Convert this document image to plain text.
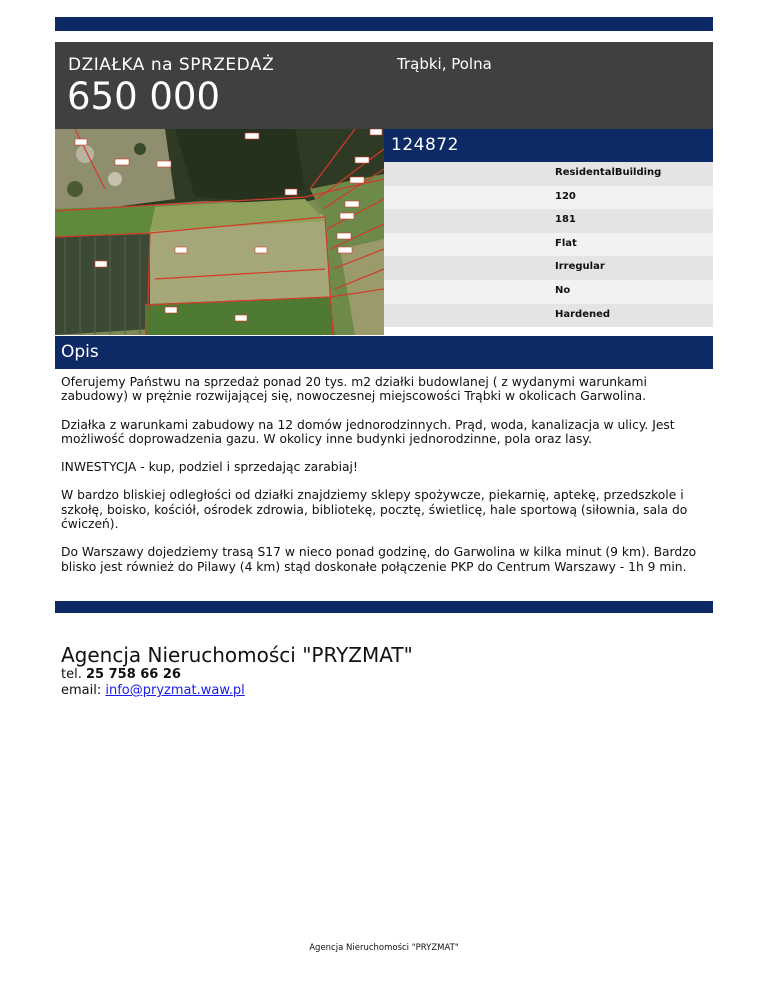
DZIAŁKA na SPRZEDAŻ
650 000
Trąbki, Polna
124872
ResidentalBuilding
120
181
Flat
Irregular
No
Hardened
Opis

Oferujemy Państwu na sprzedaż ponad 20 tys. m2 działki budowlanej ( z wydanymi warunkami zabudowy) w prężnie rozwijającej się, nowoczesnej miejscowości Trąbki w okolicach Garwolina.

Działka z warunkami zabudowy na 12 domów jednorodzinnych. Prąd, woda, kanalizacja w ulicy. Jest możliwość doprowadzenia gazu. W okolicy inne budynki jednorodzinne, pola oraz lasy.

INWESTYCJA - kup, podziel i sprzedając zarabiaj!

W bardzo bliskiej odległości od działki znajdziemy sklepy spożywcze, piekarnię, aptekę, przedszkole i szkołę, boisko, kościół, ośrodek zdrowia, bibliotekę, pocztę, świetlicę, hale sportową (siłownia, sala do ćwiczeń).

Do Warszawy dojedziemy trasą S17 w nieco ponad godzinę, do Garwolina w kilka minut (9 km). Bardzo blisko jest również do Pilawy (4 km) stąd doskonałe połączenie PKP do Centrum Warszawy - 1h 9 min.

Agencja Nieruchomości "PRYZMAT"
tel. 25 758 66 26
email: info@pryzmat.waw.pl
Agencja Nieruchomości "PRYZMAT"
